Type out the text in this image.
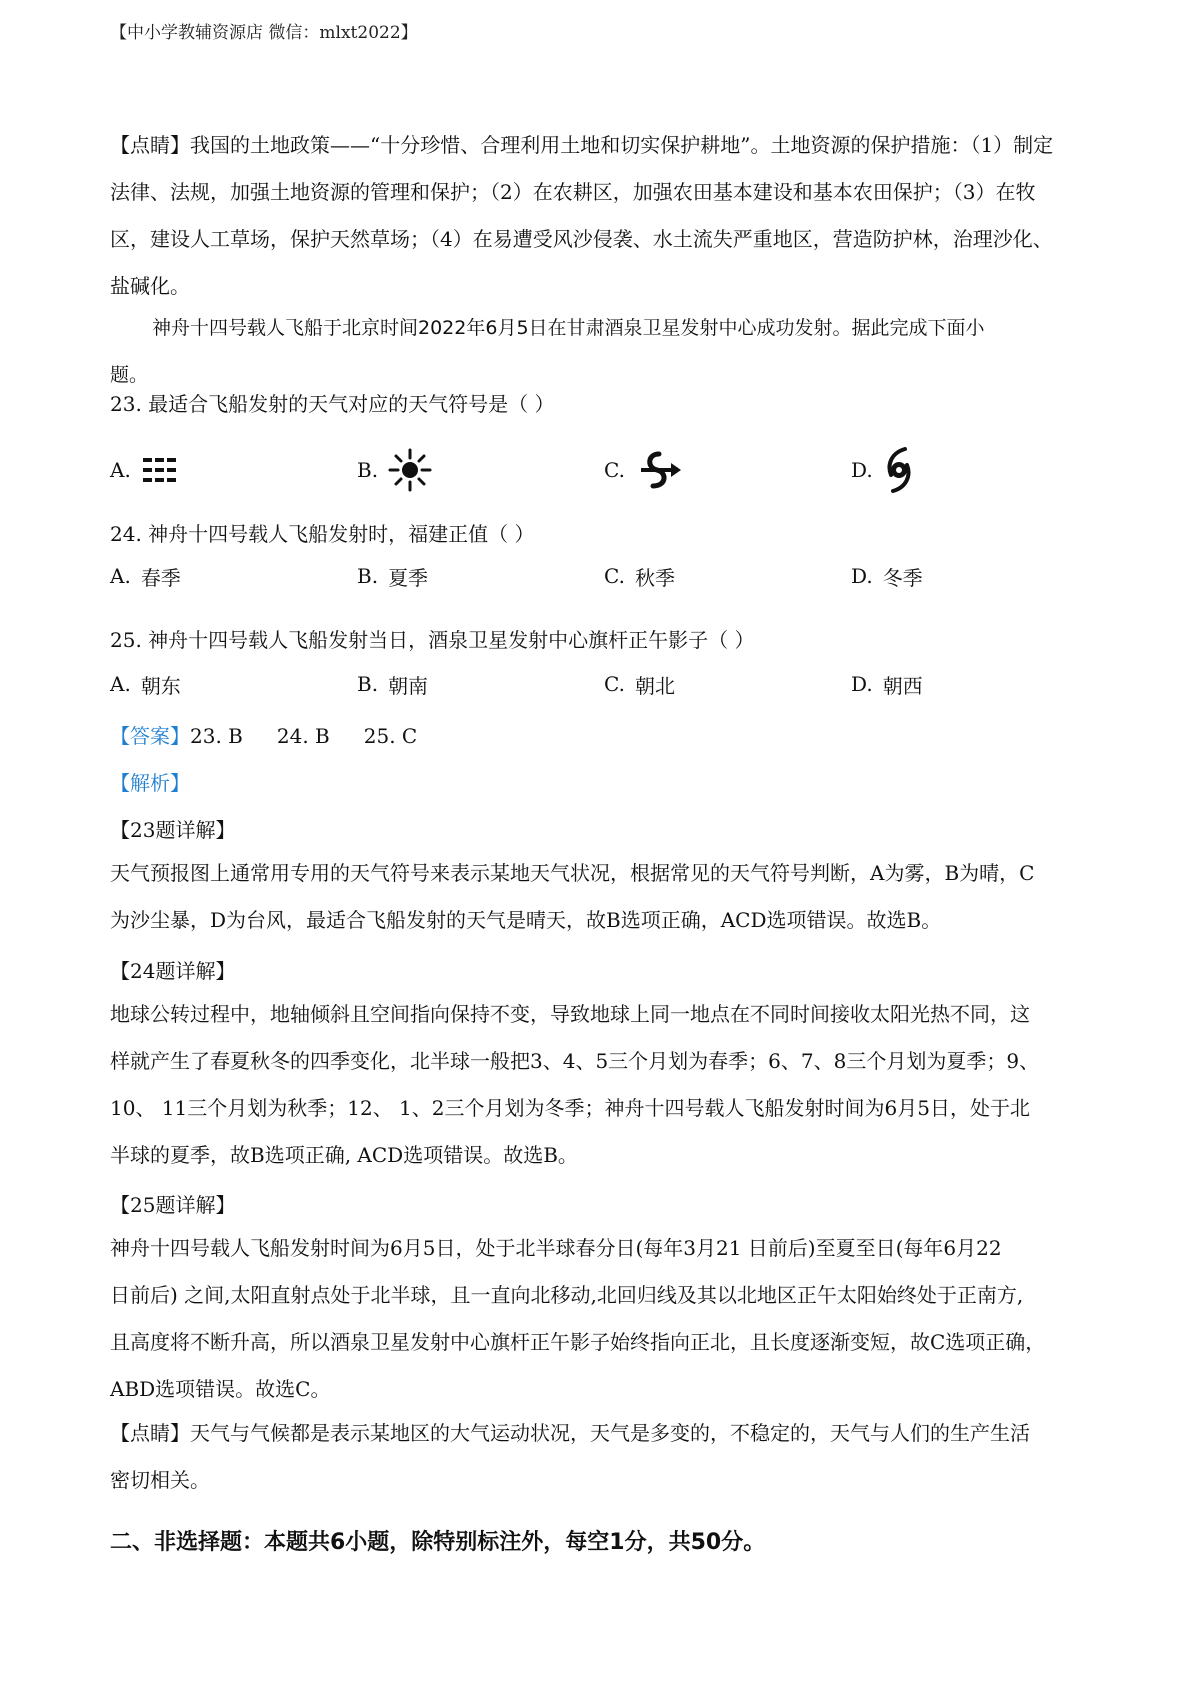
【中小学教辅资源店 微信：mlxt2022】

【点睛】我国的土地政策——“十分珍惜、合理利用土地和切实保护耕地”。土地资源的保护措施：（1）制定

法律、法规，加强土地资源的管理和保护；（2）在农耕区，加强农田基本建设和基本农田保护；（3）在牧

区，建设人工草场，保护天然草场；（4）在易遭受风沙侵袭、水土流失严重地区，营造防护林，治理沙化、

盐碱化。

神舟十四号载人飞船于北京时间2022年6月5日在甘肃酒泉卫星发射中心成功发射。据此完成下面小

题。

23. 最适合飞船发射的天气对应的天气符号是（ ）
A.	B.	C.	D.
24. 神舟十四号载人飞船发射时，福建正值（ ）
A. 春季	B. 夏季	C. 秋季	D. 冬季
25. 神舟十四号载人飞船发射当日，酒泉卫星发射中心旗杆正午影子（ ）
A. 朝东	B. 朝南	C. 朝北	D. 朝西
【答案】23. B 24. B 25. C
【解析】
【23题详解】

天气预报图上通常用专用的天气符号来表示某地天气状况，根据常见的天气符号判断，A为雾，B为晴，C

为沙尘暴，D为台风，最适合飞船发射的天气是晴天，故B选项正确，ACD选项错误。故选B。

【24题详解】

地球公转过程中，地轴倾斜且空间指向保持不变，导致地球上同一地点在不同时间接收太阳光热不同，这

样就产生了春夏秋冬的四季变化，北半球一般把3、4、5三个月划为春季；6、7、8三个月划为夏季；9、

10、 11三个月划为秋季；12、 1、2三个月划为冬季；神舟十四号载人飞船发射时间为6月5日，处于北

半球的夏季，故B选项正确, ACD选项错误。故选B。

【25题详解】

神舟十四号载人飞船发射时间为6月5日，处于北半球春分日(每年3月21 日前后)至夏至日(每年6月22

日前后) 之间,太阳直射点处于北半球，且一直向北移动,北回归线及其以北地区正午太阳始终处于正南方,

且高度将不断升高，所以酒泉卫星发射中心旗杆正午影子始终指向正北，且长度逐渐变短，故C选项正确，

ABD选项错误。故选C。

【点睛】天气与气候都是表示某地区的大气运动状况，天气是多变的，不稳定的，天气与人们的生产生活

密切相关。

二、非选择题：本题共6小题，除特别标注外，每空1分，共50分。
